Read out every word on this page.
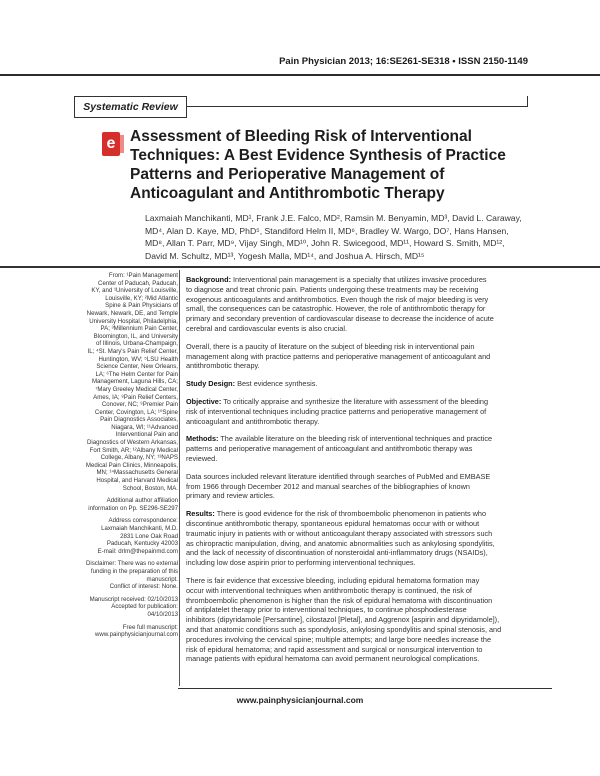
Pain Physician 2013; 16:SE261-SE318 • ISSN 2150-1149
Systematic Review
e Assessment of Bleeding Risk of Interventional
Techniques: A Best Evidence Synthesis of Practice
Patterns and Perioperative Management of
Anticoagulant and Antithrombotic Therapy
Laxmaiah Manchikanti, MD¹, Frank J.E. Falco, MD², Ramsin M. Benyamin, MD³, David L. Caraway,
MD⁴, Alan D. Kaye, MD, PhD⁵, Standiford Helm II, MD⁶, Bradley W. Wargo, DO⁷, Hans Hansen,
MD⁸, Allan T. Parr, MD⁹, Vijay Singh, MD¹⁰, John R. Swicegood, MD¹¹, Howard S. Smith, MD¹²,
David M. Schultz, MD¹³, Yogesh Malla, MD¹⁴, and Joshua A. Hirsch, MD¹⁵

From: ¹Pain Management
Center of Paducah, Paducah,
KY, and ¹University of Louisville,
Louisville, KY; ²Mid Atlantic
Spine & Pain Physicians of
Newark, Newark, DE, and Temple
University Hospital, Philadelphia,
PA; ³Millennium Pain Center,
Bloomington, IL, and University
of Illinois, Urbana-Champaign,
IL; ⁴St. Mary's Pain Relief Center,
Huntington, WV; ⁵LSU Health
Science Center, New Orleans,
LA; ⁶The Helm Center for Pain
Management, Laguna Hills, CA;
⁷Mary Greeley Medical Center,
Ames, IA; ⁸Pain Relief Centers,
Conover, NC; ⁹Premier Pain
Center, Covington, LA; ¹⁰Spine
Pain Diagnostics Associates,
Niagara, WI; ¹¹Advanced
Interventional Pain and
Diagnostics of Western Arkansas,
Fort Smith, AR; ¹²Albany Medical
College, Albany, NY; ¹³NAPS
Medical Pain Clinics, Minneapolis,
MN; ¹⁴Massachusetts General
Hospital, and Harvard Medical
School, Boston, MA.

Additional author affiliation
information on Pp. SE296-SE297

Address correspondence:
Laxmaiah Manchikanti, M.D.
2831 Lone Oak Road
Paducah, Kentucky 42003
E-mail: drlm@thepainmd.com

Disclaimer: There was no external
funding in the preparation of this
manuscript.
Conflict of interest: None.

Manuscript received: 02/10/2013
Accepted for publication:
04/10/2013

Free full manuscript:
www.painphysicianjournal.com

Background: Interventional pain management is a specialty that utilizes invasive procedures
to diagnose and treat chronic pain. Patients undergoing these treatments may be receiving
exogenous anticoagulants and antithrombotics. Even though the risk of major bleeding is very
small, the consequences can be catastrophic. However, the role of antithrombotic therapy for
primary and secondary prevention of cardiovascular disease to decrease the incidence of acute
cerebral and cardiovascular events is also crucial.

Overall, there is a paucity of literature on the subject of bleeding risk in interventional pain
management along with practice patterns and perioperative management of anticoagulant and
antithrombotic therapy.

Study Design: Best evidence synthesis.

Objective: To critically appraise and synthesize the literature with assessment of the bleeding
risk of interventional techniques including practice patterns and perioperative management of
anticoagulant and antithrombotic therapy.

Methods: The available literature on the bleeding risk of interventional techniques and practice
patterns and perioperative management of anticoagulant and antithrombotic therapy was
reviewed.

Data sources included relevant literature identified through searches of PubMed and EMBASE
from 1966 through December 2012 and manual searches of the bibliographies of known
primary and review articles.

Results: There is good evidence for the risk of thromboembolic phenomenon in patients who
discontinue antithrombotic therapy, spontaneous epidural hematomas occur with or without
traumatic injury in patients with or without anticoagulant therapy associated with stressors such
as chiropractic manipulation, diving, and anatomic abnormalities such as ankylosing spondylitis,
and the lack of necessity of discontinuation of nonsteroidal anti-inflammatory drugs (NSAIDs),
including low dose aspirin prior to performing interventional techniques.

There is fair evidence that excessive bleeding, including epidural hematoma formation may
occur with interventional techniques when antithrombotic therapy is continued, the risk of
thromboembolic phenomenon is higher than the risk of epidural hematoma with discontinuation
of antiplatelet therapy prior to interventional techniques, to continue phosphodiesterase
inhibitors (dipyridamole [Persantine], cilostazol [Pletal], and Aggrenox [aspirin and dipyridamole]),
and that anatomic conditions such as spondylosis, ankylosing spondylitis and spinal stenosis, and
procedures involving the cervical spine; multiple attempts; and large bore needles increase the
risk of epidural hematoma; and rapid assessment and surgical or nonsurgical intervention to
manage patients with epidural hematoma can avoid permanent neurological complications.

www.painphysicianjournal.com
